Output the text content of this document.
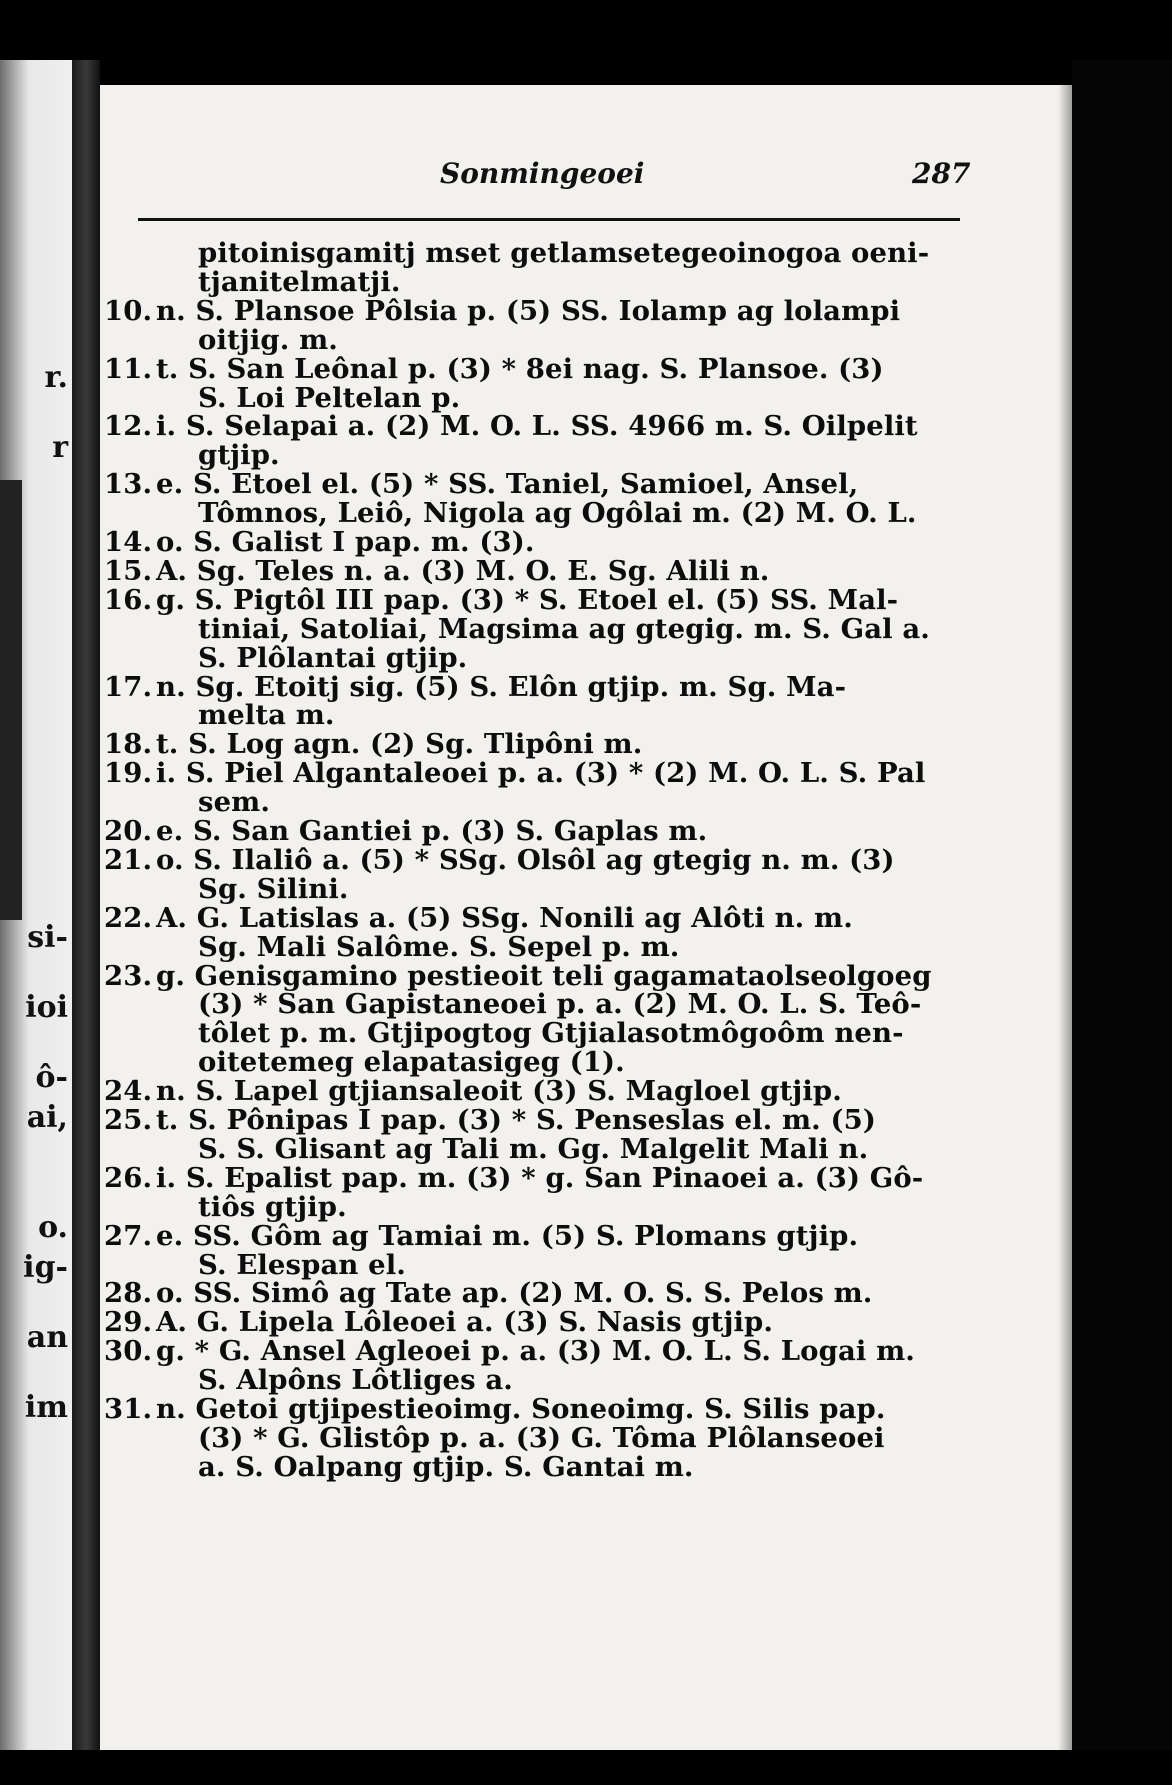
r.
r
si-
ioi
ô-
ai,
o.
ig-
an
im
Sonmingeoei	287
pitoinisgamitj mset getlamsetegeoinogoa oeni-
tjanitelmatji.
10. n. S. Plansoe Pôlsia p. (5) SS. Iolamp ag lolampi
oitjig. m.
11. t. S. San Leônal p. (3) * 8ei nag. S. Plansoe. (3)
S. Loi Peltelan p.
12. i. S. Selapai a. (2) M. O. L. SS. 4966 m. S. Oilpelit
gtjip.
13. e. S. Etoel el. (5) * SS. Taniel, Samioel, Ansel,
Tômnos, Leiô, Nigola ag Ogôlai m. (2) M. O. L.
14. o. S. Galist I pap. m. (3).
15. A. Sg. Teles n. a. (3) M. O. E. Sg. Alili n.
16. g. S. Pigtôl III pap. (3) * S. Etoel el. (5) SS. Mal-
tiniai, Satoliai, Magsima ag gtegig. m. S. Gal a.
S. Plôlantai gtjip.
17. n. Sg. Etoitj sig. (5) S. Elôn gtjip. m. Sg. Ma-
melta m.
18. t. S. Log agn. (2) Sg. Tlipôni m.
19. i. S. Piel Algantaleoei p. a. (3) * (2) M. O. L. S. Pal
sem.
20. e. S. San Gantiei p. (3) S. Gaplas m.
21. o. S. Ilaliô a. (5) * SSg. Olsôl ag gtegig n. m. (3)
Sg. Silini.
22. A. G. Latislas a. (5) SSg. Nonili ag Alôti n. m.
Sg. Mali Salôme. S. Sepel p. m.
23. g. Genisgamino pestieoit teli gagamataolseolgoeg
(3) * San Gapistaneoei p. a. (2) M. O. L. S. Teô-
tôlet p. m. Gtjipogtog Gtjialasotmôgoôm nen-
oitetemeg elapatasigeg (1).
24. n. S. Lapel gtjiansaleoit (3) S. Magloel gtjip.
25. t. S. Pônipas I pap. (3) * S. Penseslas el. m. (5)
S. S. Glisant ag Tali m. Gg. Malgelit Mali n.
26. i. S. Epalist pap. m. (3) * g. San Pinaoei a. (3) Gô-
tiôs gtjip.
27. e. SS. Gôm ag Tamiai m. (5) S. Plomans gtjip.
S. Elespan el.
28. o. SS. Simô ag Tate ap. (2) M. O. S. S. Pelos m.
29. A. G. Lipela Lôleoei a. (3) S. Nasis gtjip.
30. g. * G. Ansel Agleoei p. a. (3) M. O. L. S. Logai m.
S. Alpôns Lôtliges a.
31. n. Getoi gtjipestieoimg. Soneoimg. S. Silis pap.
(3) * G. Glistôp p. a. (3) G. Tôma Plôlanseoei
a. S. Oalpang gtjip. S. Gantai m.
